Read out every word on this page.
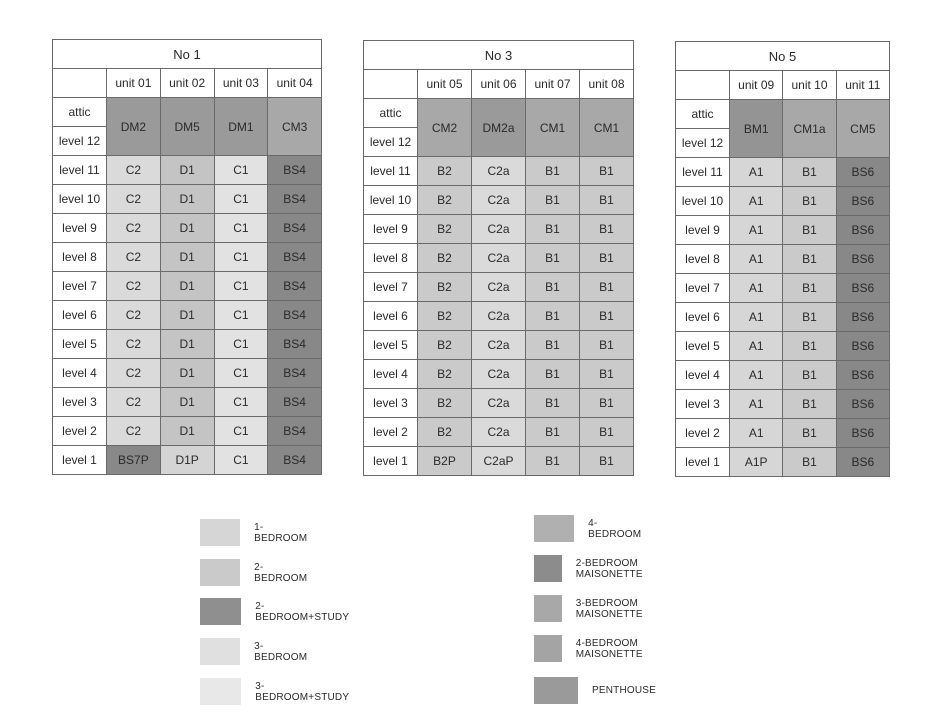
No 1				
	unit 01	unit 02	unit 03	unit 04
attic	DM2	DM5	DM1	CM3
level 12				
level 11	C2	D1	C1	BS4
level 10	C2	D1	C1	BS4
level 9	C2	D1	C1	BS4
level 8	C2	D1	C1	BS4
level 7	C2	D1	C1	BS4
level 6	C2	D1	C1	BS4
level 5	C2	D1	C1	BS4
level 4	C2	D1	C1	BS4
level 3	C2	D1	C1	BS4
level 2	C2	D1	C1	BS4
level 1	BS7P	D1P	C1	BS4
No 3				
	unit 05	unit 06	unit 07	unit 08
attic	CM2	DM2a	CM1	CM1
level 12				
level 11	B2	C2a	B1	B1
level 10	B2	C2a	B1	B1
level 9	B2	C2a	B1	B1
level 8	B2	C2a	B1	B1
level 7	B2	C2a	B1	B1
level 6	B2	C2a	B1	B1
level 5	B2	C2a	B1	B1
level 4	B2	C2a	B1	B1
level 3	B2	C2a	B1	B1
level 2	B2	C2a	B1	B1
level 1	B2P	C2aP	B1	B1
No 5			
	unit 09	unit 10	unit 11
attic	BM1	CM1a	CM5
level 12			
level 11	A1	B1	BS6
level 10	A1	B1	BS6
level 9	A1	B1	BS6
level 8	A1	B1	BS6
level 7	A1	B1	BS6
level 6	A1	B1	BS6
level 5	A1	B1	BS6
level 4	A1	B1	BS6
level 3	A1	B1	BS6
level 2	A1	B1	BS6
level 1	A1P	B1	BS6
1-BEDROOM
2-BEDROOM
2-BEDROOM+STUDY
3-BEDROOM
3-BEDROOM+STUDY
4-BEDROOM
2-BEDROOM MAISONETTE
3-BEDROOM MAISONETTE
4-BEDROOM MAISONETTE
PENTHOUSE
